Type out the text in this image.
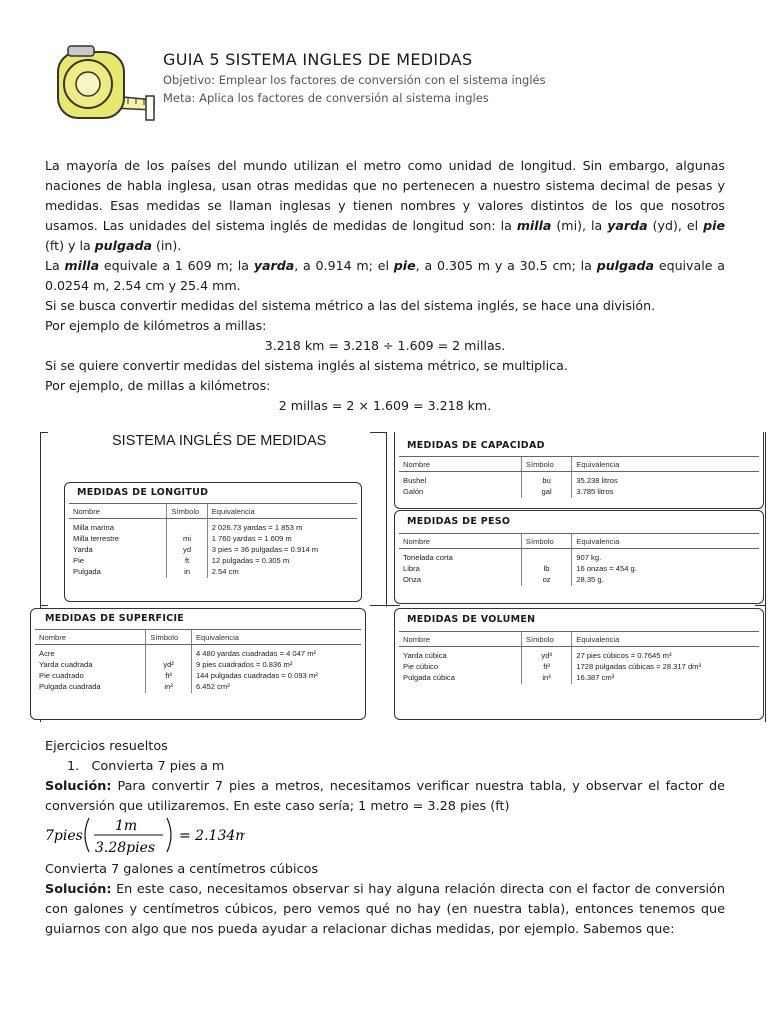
GUIA 5 SISTEMA INGLES DE MEDIDAS
Objetivo: Emplear los factores de conversión con el sistema inglés
Meta: Aplica los factores de conversión al sistema ingles

La mayoría de los países del mundo utilizan el metro como unidad de longitud. Sin embargo, algunas naciones de habla inglesa, usan otras medidas que no pertenecen a nuestro sistema decimal de pesas y medidas. Esas medidas se llaman inglesas y tienen nombres y valores distintos de los que nosotros usamos. Las unidades del sistema inglés de medidas de longitud son: la milla (mi), la yarda (yd), el pie (ft) y la pulgada (in).

La milla equivale a 1 609 m; la yarda, a 0.914 m; el pie, a 0.305 m y a 30.5 cm; la pulgada equivale a 0.0254 m, 2.54 cm y 25.4 mm.

Si se busca convertir medidas del sistema métrico a las del sistema inglés, se hace una división.

Por ejemplo de kilómetros a millas:

3.218 km = 3.218 ÷ 1.609 = 2 millas.

Si se quiere convertir medidas del sistema inglés al sistema métrico, se multiplica.

Por ejemplo, de millas a kilómetros:

2 millas = 2 × 1.609 = 3.218 km.

SISTEMA INGLÉS DE MEDIDAS
MEDIDAS DE LONGITUD
Nombre	Símbolo	Equivalencia
Milla marina		2 026.73 yardas = 1 853 m
Milla terrestre	mi	1 760 yardas = 1 609 m
Yarda	yd	3 pies = 36 pulgadas = 0.914 m
Pie	ft	12 pulgadas = 0.305 m
Pulgada	in	2.54 cm
MEDIDAS DE SUPERFICIE
Nombre	Símbolo	Equivalencia
Acre		4 480 yardas cuadradas = 4 047 m²
Yarda cuadrada	yd²	9 pies cuadrados = 0.836 m²
Pie cuadrado	ft²	144 pulgadas cuadradas = 0.093 m²
Pulgada cuadrada	in²	6.452 cm²
MEDIDAS DE CAPACIDAD
Nombre	Símbolo	Equivalencia
Bushel	bu	35.238 litros
Galón	gal	3.785 litros
MEDIDAS DE PESO
Nombre	Símbolo	Equivalencia
Tonelada corta		907 kg.
Libra	lb	16 onzas = 454 g.
Onza	oz	28.35 g.
MEDIDAS DE VOLUMEN
Nombre	Símbolo	Equivalencia
Yarda cúbica	yd³	27 pies cúbicos = 0.7645 m³
Pie cúbico	ft³	1728 pulgadas cúbicas = 28.317 dm³
Pulgada cúbica	in³	16.387 cm³

Ejercicios resueltos

1. Convierta 7 pies a m

Solución: Para convertir 7 pies a metros, necesitamos verificar nuestra tabla, y observar el factor de conversión que utilizaremos. En este caso sería; 1 metro = 3.28 pies (ft)

7pies
1m
3.28pies
= 2.134m

Convierta 7 galones a centímetros cúbicos

Solución: En este caso, necesitamos observar si hay alguna relación directa con el factor de conversión con galones y centímetros cúbicos, pero vemos qué no hay (en nuestra tabla), entonces tenemos que guiarnos con algo que nos pueda ayudar a relacionar dichas medidas, por ejemplo. Sabemos que:
